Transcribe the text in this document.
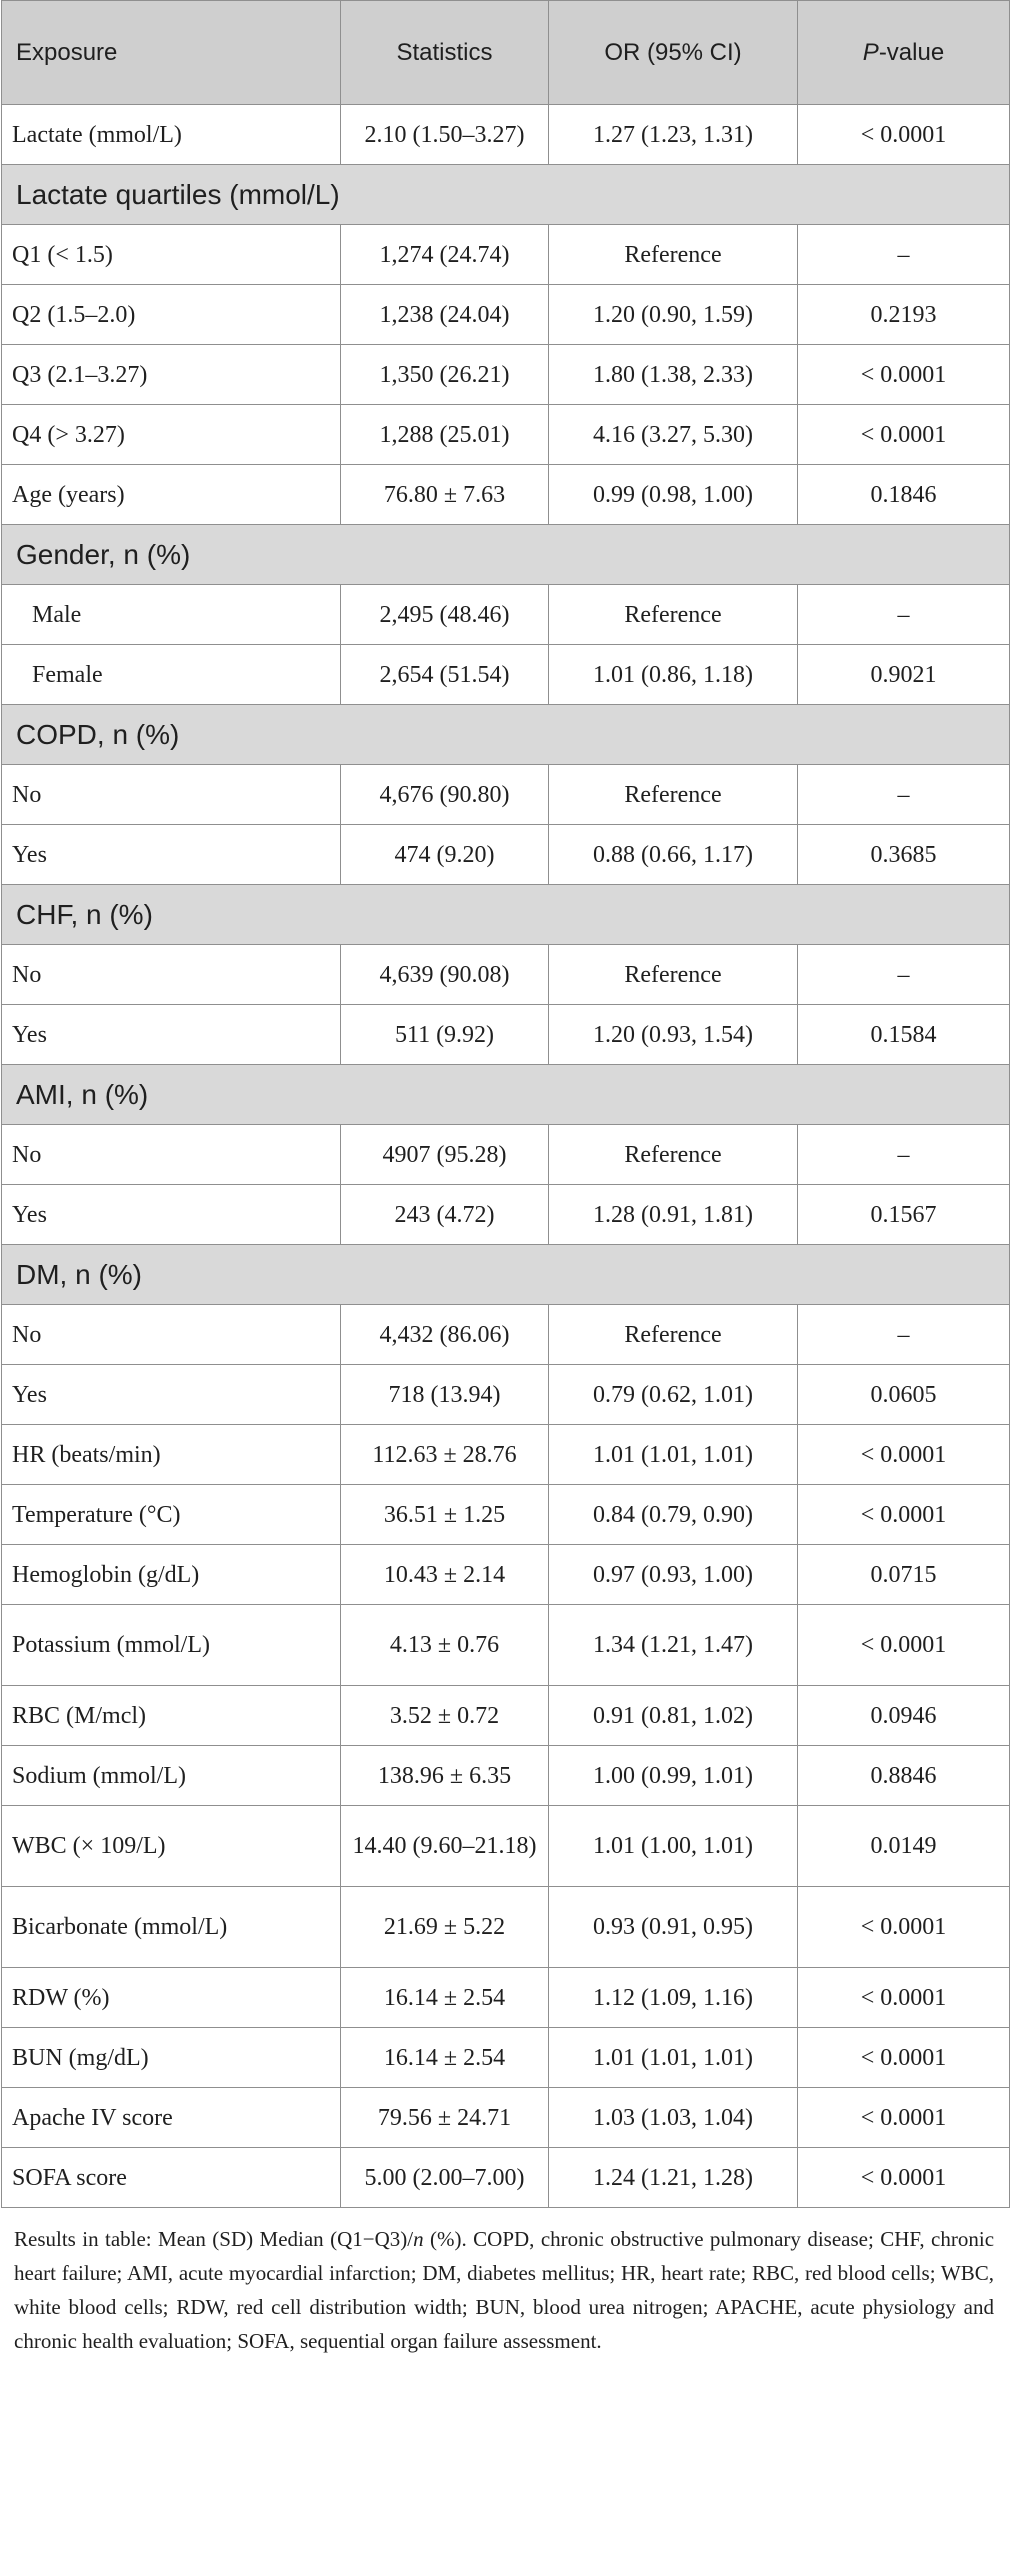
Exposure	Statistics	OR (95% CI)	P-value
Lactate (mmol/L)	2.10 (1.50–3.27)	1.27 (1.23, 1.31)	< 0.0001
Lactate quartiles (mmol/L)			
Q1 (< 1.5)	1,274 (24.74)	Reference	–
Q2 (1.5–2.0)	1,238 (24.04)	1.20 (0.90, 1.59)	0.2193
Q3 (2.1–3.27)	1,350 (26.21)	1.80 (1.38, 2.33)	< 0.0001
Q4 (> 3.27)	1,288 (25.01)	4.16 (3.27, 5.30)	< 0.0001
Age (years)	76.80 ± 7.63	0.99 (0.98, 1.00)	0.1846
Gender, n (%)			
Male	2,495 (48.46)	Reference	–
Female	2,654 (51.54)	1.01 (0.86, 1.18)	0.9021
COPD, n (%)			
No	4,676 (90.80)	Reference	–
Yes	474 (9.20)	0.88 (0.66, 1.17)	0.3685
CHF, n (%)			
No	4,639 (90.08)	Reference	–
Yes	511 (9.92)	1.20 (0.93, 1.54)	0.1584
AMI, n (%)			
No	4907 (95.28)	Reference	–
Yes	243 (4.72)	1.28 (0.91, 1.81)	0.1567
DM, n (%)			
No	4,432 (86.06)	Reference	–
Yes	718 (13.94)	0.79 (0.62, 1.01)	0.0605
HR (beats/min)	112.63 ± 28.76	1.01 (1.01, 1.01)	< 0.0001
Temperature (°C)	36.51 ± 1.25	0.84 (0.79, 0.90)	< 0.0001
Hemoglobin (g/dL)	10.43 ± 2.14	0.97 (0.93, 1.00)	0.0715
Potassium (mmol/L)	4.13 ± 0.76	1.34 (1.21, 1.47)	< 0.0001
RBC (M/mcl)	3.52 ± 0.72	0.91 (0.81, 1.02)	0.0946
Sodium (mmol/L)	138.96 ± 6.35	1.00 (0.99, 1.01)	0.8846
WBC (× 109/L)	14.40 (9.60–21.18)	1.01 (1.00, 1.01)	0.0149
Bicarbonate (mmol/L)	21.69 ± 5.22	0.93 (0.91, 0.95)	< 0.0001
RDW (%)	16.14 ± 2.54	1.12 (1.09, 1.16)	< 0.0001
BUN (mg/dL)	16.14 ± 2.54	1.01 (1.01, 1.01)	< 0.0001
Apache IV score	79.56 ± 24.71	1.03 (1.03, 1.04)	< 0.0001
SOFA score	5.00 (2.00–7.00)	1.24 (1.21, 1.28)	< 0.0001
Results in table: Mean (SD) Median (Q1−Q3)/n (%). COPD, chronic obstructive pulmonary disease; CHF, chronic heart failure; AMI, acute myocardial infarction; DM, diabetes mellitus; HR, heart rate; RBC, red blood cells; WBC, white blood cells; RDW, red cell distribution width; BUN, blood urea nitrogen; APACHE, acute physiology and chronic health evaluation; SOFA, sequential organ failure assessment.
